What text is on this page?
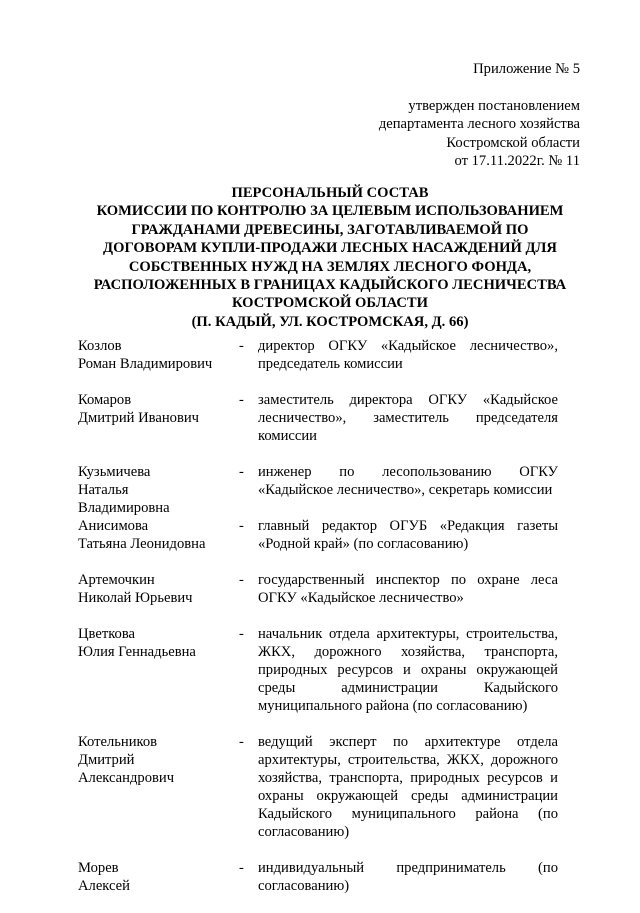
Приложение № 5
утвержден постановлением
департамента лесного хозяйства
Костромской области
от 17.11.2022г. № 11
ПЕРСОНАЛЬНЫЙ СОСТАВ
КОМИССИИ ПО КОНТРОЛЮ ЗА ЦЕЛЕВЫМ ИСПОЛЬЗОВАНИЕМ
ГРАЖДАНАМИ ДРЕВЕСИНЫ, ЗАГОТАВЛИВАЕМОЙ ПО
ДОГОВОРАМ КУПЛИ-ПРОДАЖИ ЛЕСНЫХ НАСАЖДЕНИЙ ДЛЯ
СОБСТВЕННЫХ НУЖД НА ЗЕМЛЯХ ЛЕСНОГО ФОНДА,
РАСПОЛОЖЕННЫХ В ГРАНИЦАХ КАДЫЙСКОГО ЛЕСНИЧЕСТВА
КОСТРОМСКОЙ ОБЛАСТИ
(П. КАДЫЙ, УЛ. КОСТРОМСКАЯ, Д. 66)
Козлов
Роман Владимирович
- директор ОГКУ «Кадыйское лесничество», председатель комиссии
Комаров
Дмитрий Иванович
- заместитель директора ОГКУ «Кадыйское лесничество», заместитель председателя комиссии
Кузьмичева
Наталья
Владимировна
- инженер по лесопользованию ОГКУ «Кадыйское лесничество», секретарь комиссии
Анисимова
Татьяна Леонидовна
- главный редактор ОГУБ «Редакция газеты «Родной край» (по согласованию)
Артемочкин
Николай Юрьевич
- государственный инспектор по охране леса ОГКУ «Кадыйское лесничество»
Цветкова
Юлия Геннадьевна
- начальник отдела архитектуры, строительства, ЖКХ, дорожного хозяйства, транспорта, природных ресурсов и охраны окружающей среды администрации Кадыйского муниципального района (по согласованию)
Котельников
Дмитрий
Александрович
- ведущий эксперт по архитектуре отдела архитектуры, строительства, ЖКХ, дорожного хозяйства, транспорта, природных ресурсов и охраны окружающей среды администрации Кадыйского муниципального района (по согласованию)
Морев
Алексей
- индивидуальный предприниматель (по согласованию)
